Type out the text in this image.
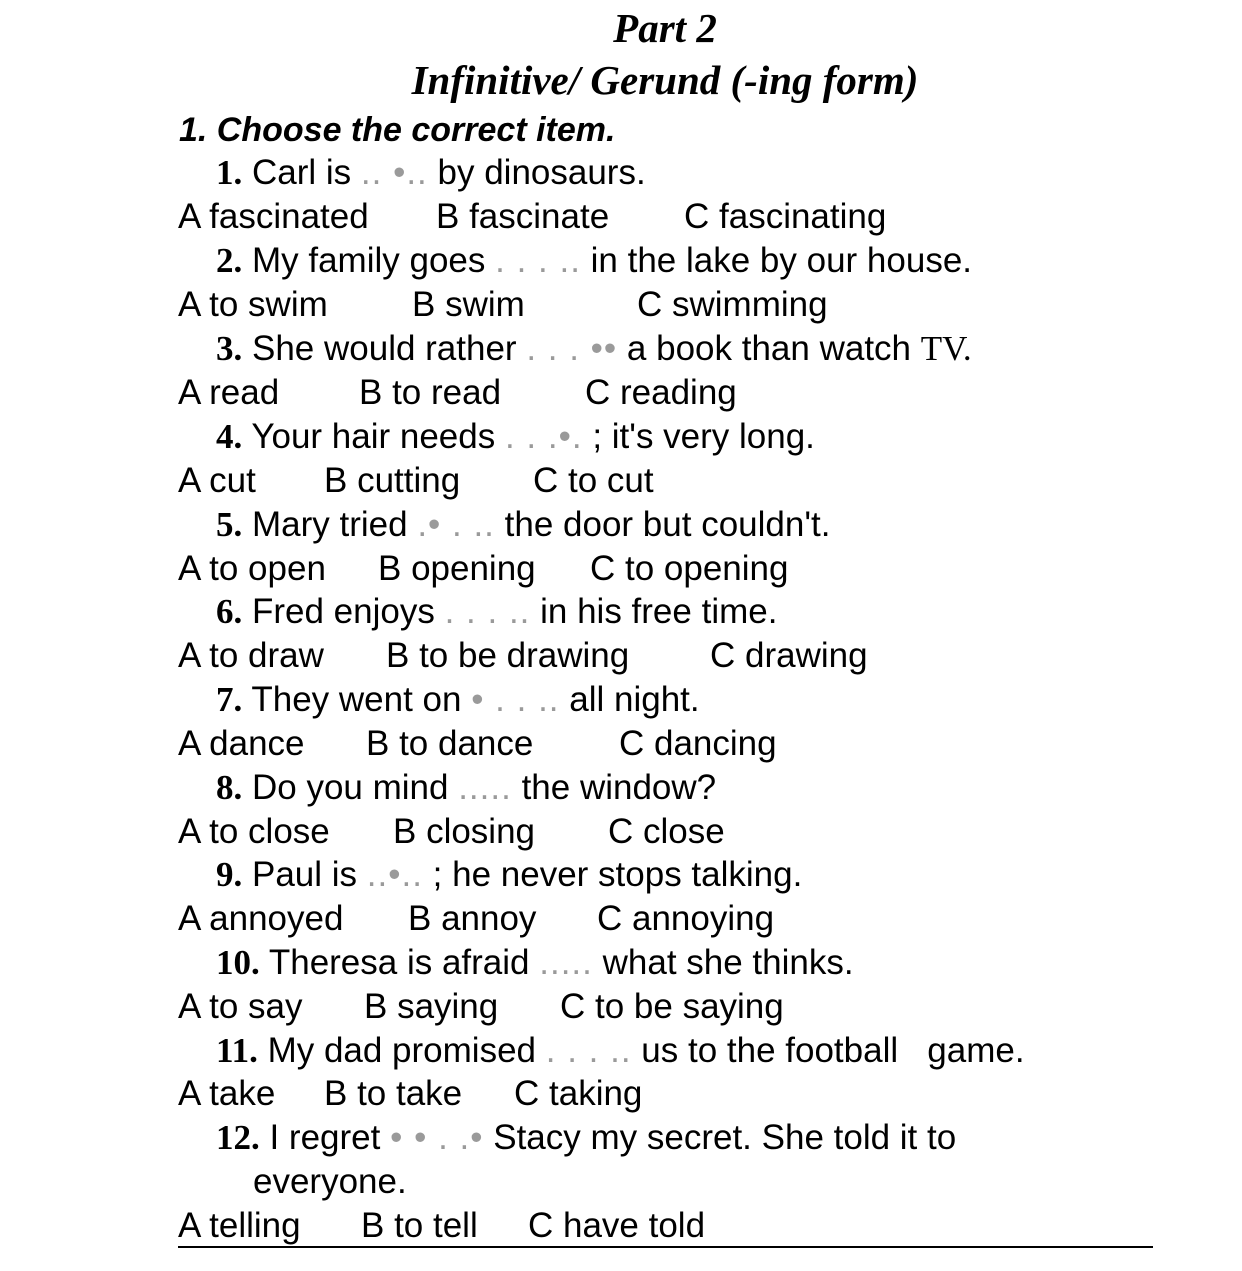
Part 2
Infinitive/ Gerund (-ing form)
1. Choose the correct item.
1. Carl is .. •.. by dinosaurs.
A fascinated B fascinate C fascinating
2. My family goes . . . .. in the lake by our house.
A to swim B swim	C swimming
3. She would rather . . . •• a book than watch TV.
A read B to read C reading
4. Your hair needs . . .•. ; it's very long.
A cut B cutting C to cut
5. Mary tried .• . .. the door but couldn't.
A to open B opening C to opening
6. Fred enjoys . . . .. in his free time.
A to draw B to be drawing C drawing
7. They went on • . . .. all night.
A dance B to dance C dancing
8. Do you mind ..... the window?
A to close B closing C close
9. Paul is ..•.. ; he never stops talking.
A annoyed B annoy C annoying
10. Theresa is afraid ..... what she thinks.
A to say B saying C to be saying
11. My dad promised . . . .. us to the football   game.
A take B to take C taking
12. I regret • • . .• Stacy my secret. She told it to
everyone.
A telling B to tell C have told
